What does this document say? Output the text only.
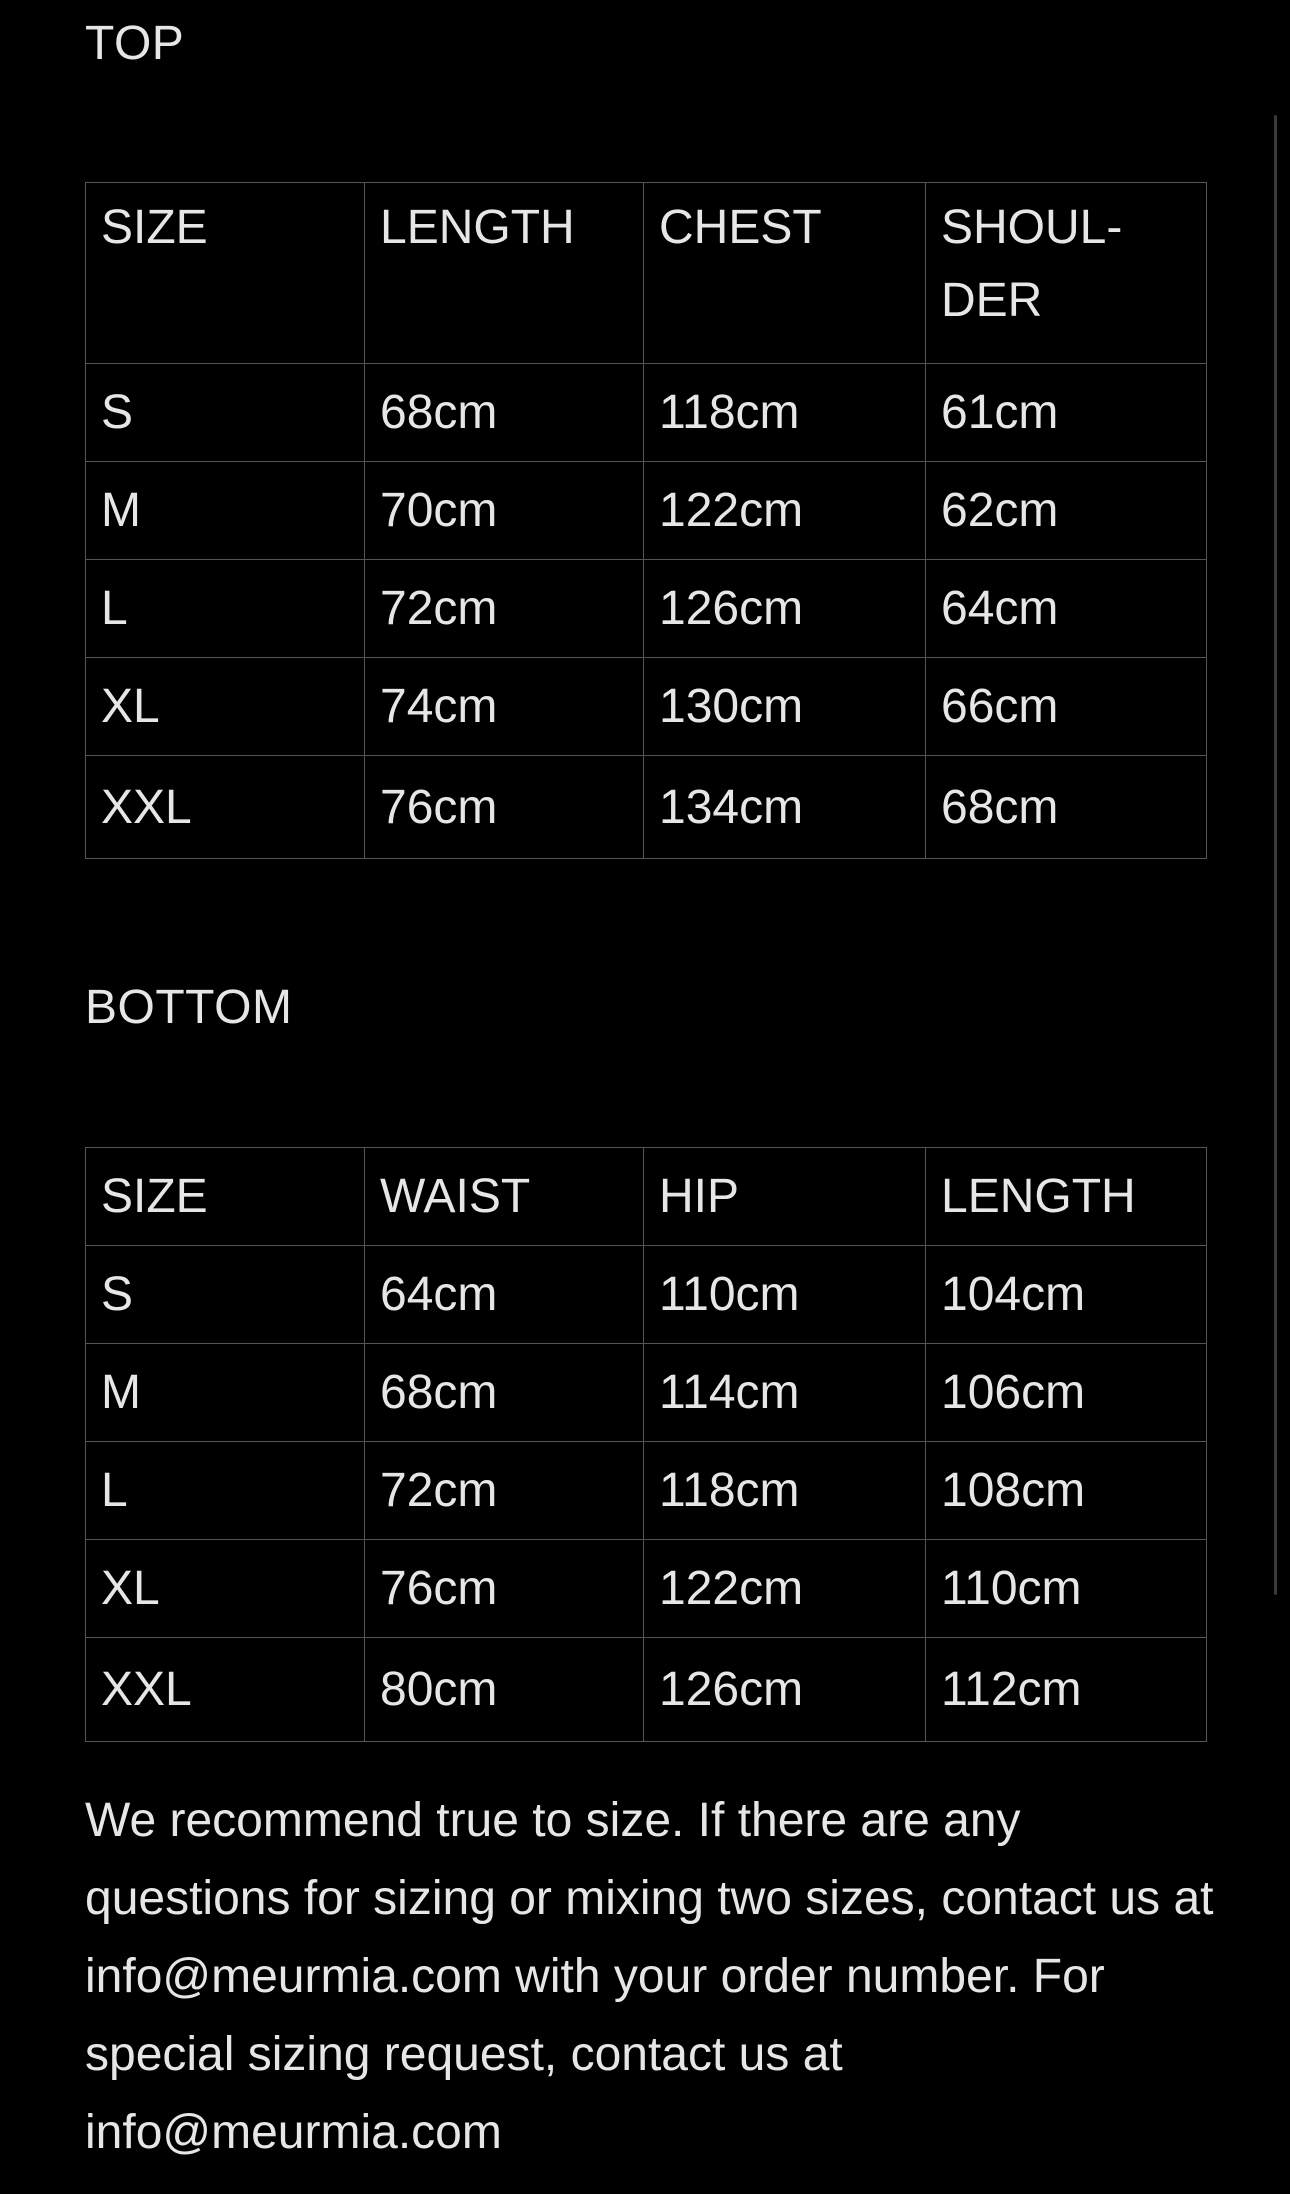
TOP
SIZE	LENGTH	CHEST	SHOUL-
DER

S	68cm	118cm	61cm
M	70cm	122cm	62cm
L	72cm	126cm	64cm
XL	74cm	130cm	66cm
XXL	76cm	134cm	68cm
BOTTOM
SIZE	WAIST	HIP	LENGTH
S	64cm	110cm	104cm
M	68cm	114cm	106cm
L	72cm	118cm	108cm
XL	76cm	122cm	110cm
XXL	80cm	126cm	112cm

We recommend true to size. If there are any questions for sizing or mixing two sizes, contact us at info@meurmia.com with your order number. For special sizing request, contact us at info@meurmia.com
